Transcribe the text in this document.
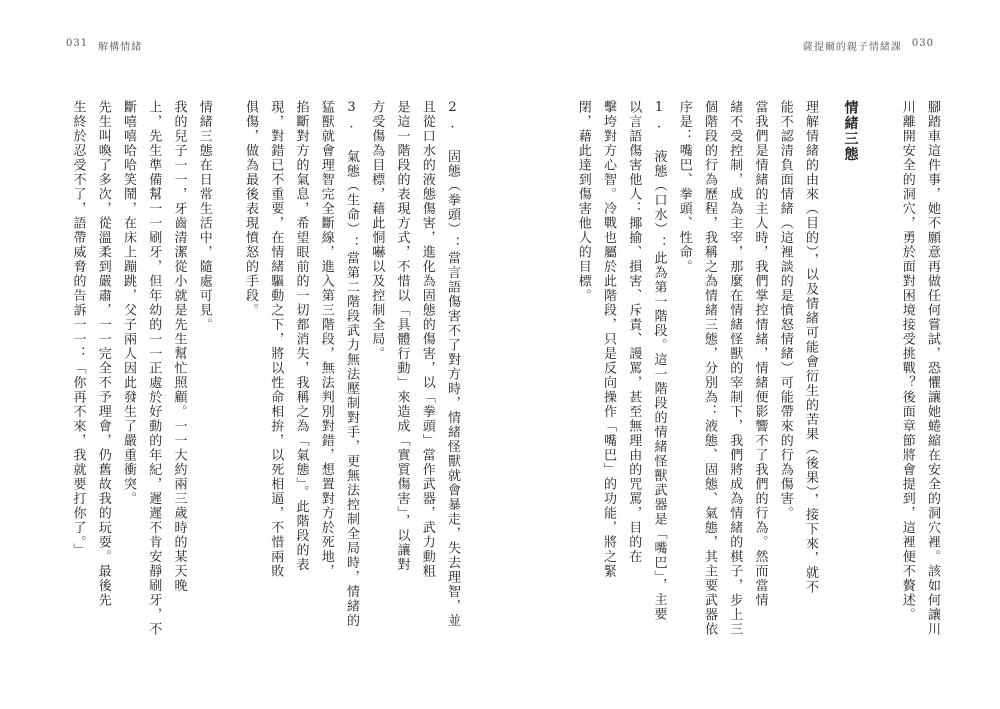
031 解構情緒	薩提爾的親子情緒課 030
腳踏車這件事，她不願意再做任何嘗試，恐懼讓她蜷縮在安全的洞穴裡。該如何讓川
川離開安全的洞穴，勇於面對困境接受挑戰？後面章節將會提到，這裡便不贅述。
情緒三態
理解情緒的由來（目的），以及情緒可能會衍生的苦果（後果），接下來，就不
能不認清負面情緒（這裡談的是憤怒情緒）可能帶來的行為傷害。
當我們是情緒的主人時，我們掌控情緒，情緒便影響不了我們的行為。然而當情
緒不受控制，成為主宰，那麼在情緒怪獸的宰制下，我們將成為情緒的棋子，步上三
個階段的行為歷程，我稱之為情緒三態，分別為：液態、固態、氣態，其主要武器依
序是：嘴巴、拳頭、性命。
1. 液態（口水）：此為第一階段。這一階段的情緒怪獸武器是「嘴巴」，主要
以言語傷害他人：揶揄、損害、斥責、謾罵，甚至無理由的咒罵，目的在
擊垮對方心智。冷戰也屬於此階段，只是反向操作「嘴巴」的功能，將之緊
閉，藉此達到傷害他人的目標。
2. 固態（拳頭）：當言語傷害不了對方時，情緒怪獸就會暴走，失去理智，並
且從口水的液態傷害，進化為固態的傷害，以「拳頭」當作武器，武力動粗
是這一階段的表現方式，不惜以「具體行動」來造成「實質傷害」，以讓對
方受傷為目標，藉此恫嚇以及控制全局。
3. 氣態（生命）：當第二階段武力無法壓制對手，更無法控制全局時，情緒的
猛獸就會理智完全斷線，進入第三階段，無法判別對錯，想置對方於死地，
掐斷對方的氣息，希望眼前的一切都消失，我稱之為「氣態」。此階段的表
現，對錯已不重要，在情緒驅動之下，將以性命相拚，以死相逼，不惜兩敗
俱傷，做為最後表現憤怒的手段。
情緒三態在日常生活中，隨處可見。
我的兒子一一，牙齒清潔從小就是先生幫忙照顧。一一大約兩三歲時的某天晚
上，先生準備幫一一刷牙，但年幼的一一正處於好動的年紀，遲遲不肯安靜刷牙，不
斷嘻嘻哈哈笑鬧，在床上蹦跳，父子兩人因此發生了嚴重衝突。
先生叫喚了多次，從溫柔到嚴肅，一一完全不予理會，仍舊故我的玩耍。最後先
生終於忍受不了，語帶威脅的告訴一一：「你再不來，我就要打你了。」
